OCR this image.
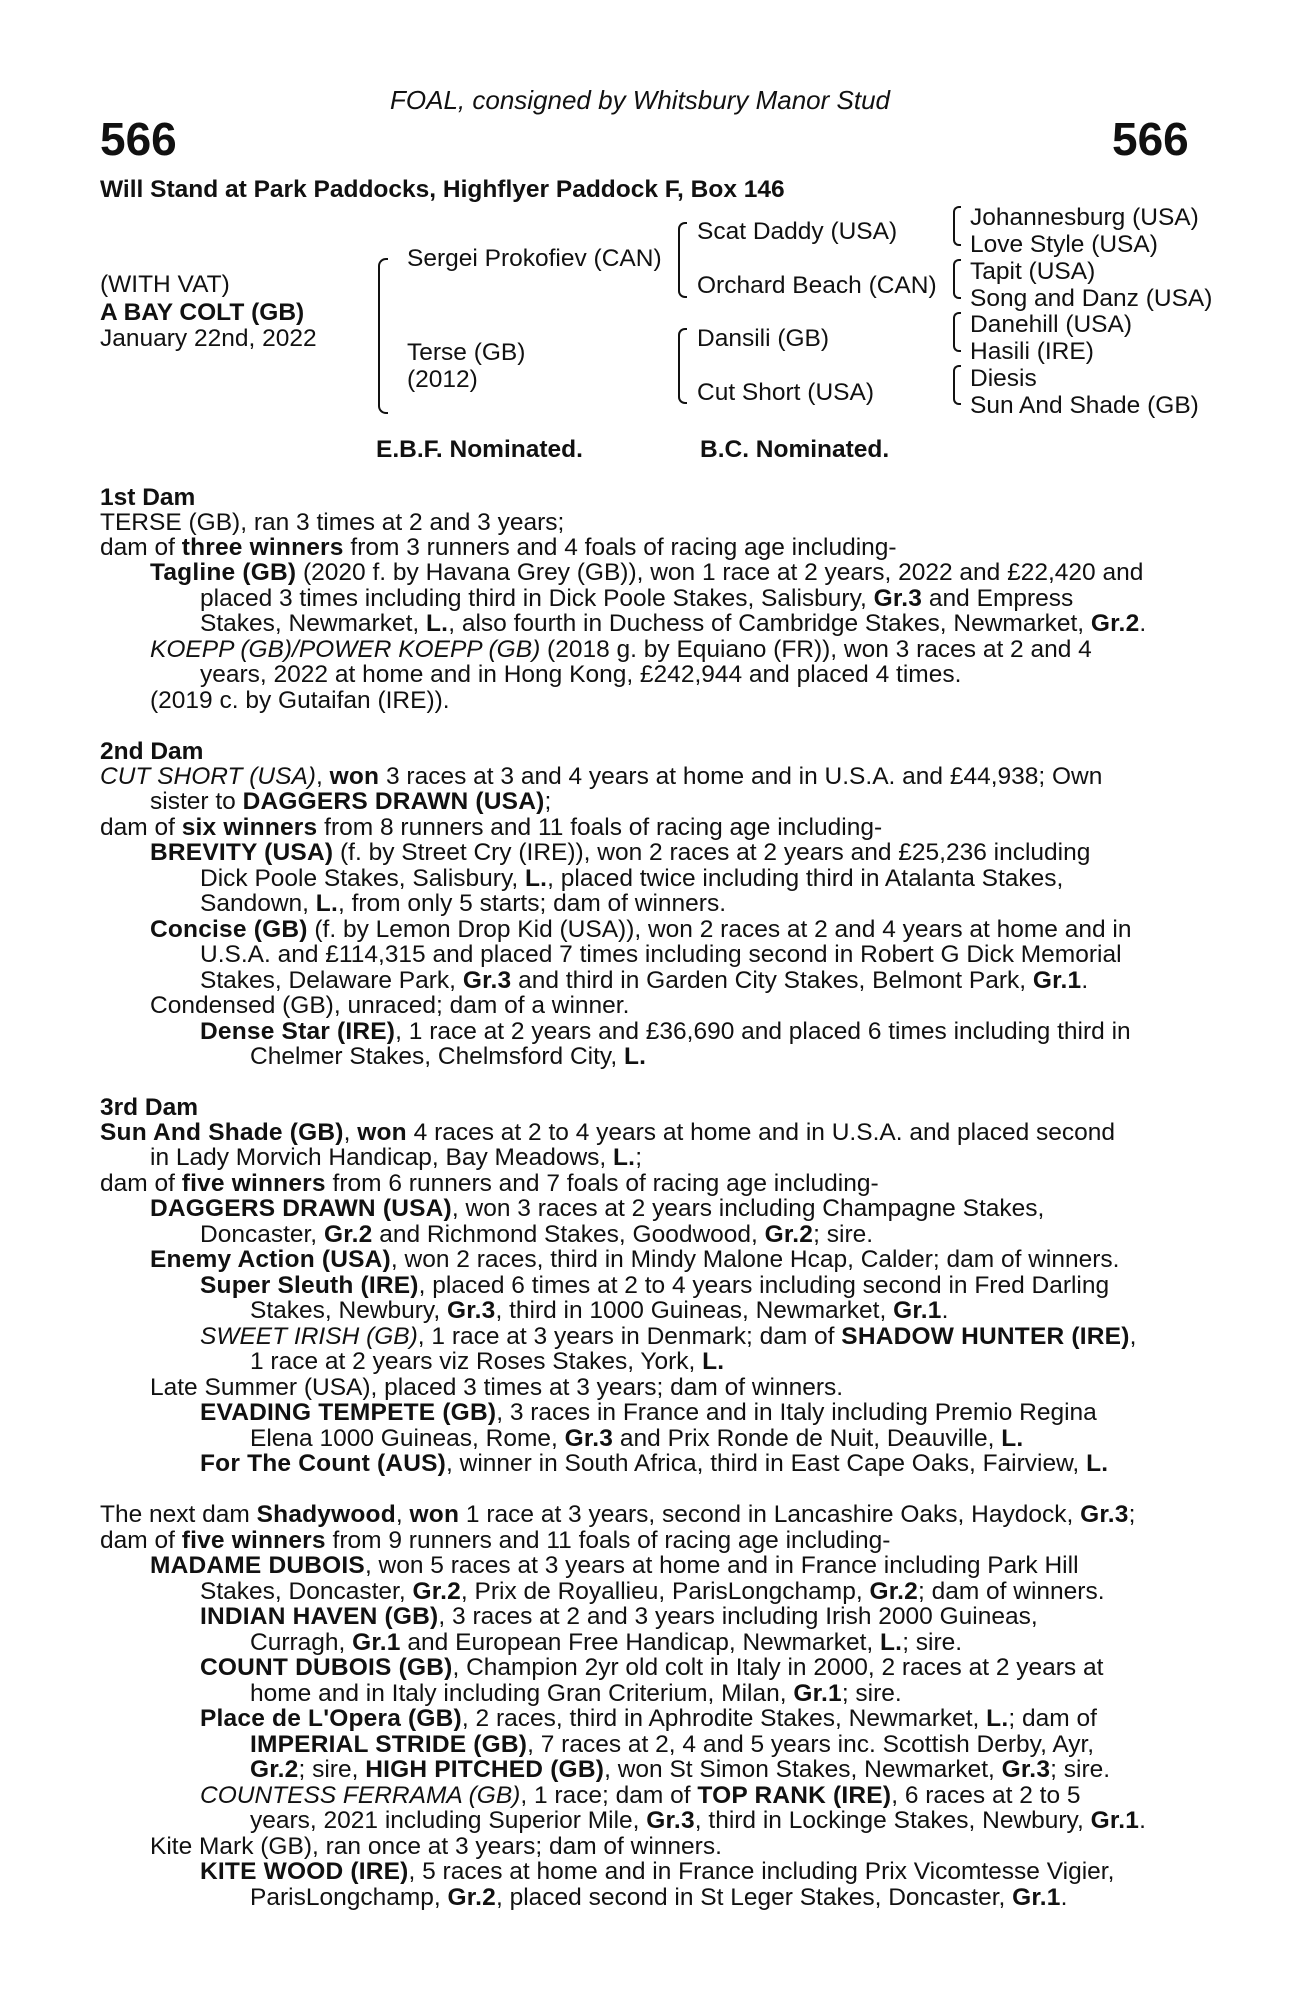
FOAL, consigned by Whitsbury Manor Stud
566	566
Will Stand at Park Paddocks, Highflyer Paddock F, Box 146
(WITH VAT)
A BAY COLT (GB)
January 22nd, 2022
Sergei Prokofiev (CAN)
Terse (GB)
(2012)
Scat Daddy (USA)
Orchard Beach (CAN)
Dansili (GB)
Cut Short (USA)
Johannesburg (USA)
Love Style (USA)
Tapit (USA)
Song and Danz (USA)
Danehill (USA)
Hasili (IRE)
Diesis
Sun And Shade (GB)
E.B.F. Nominated.	B.C. Nominated.
1st Dam
TERSE (GB), ran 3 times at 2 and 3 years;
dam of three winners from 3 runners and 4 foals of racing age including-
Tagline (GB) (2020 f. by Havana Grey (GB)), won 1 race at 2 years, 2022 and £22,420 and
placed 3 times including third in Dick Poole Stakes, Salisbury, Gr.3 and Empress
Stakes, Newmarket, L., also fourth in Duchess of Cambridge Stakes, Newmarket, Gr.2.
KOEPP (GB)/POWER KOEPP (GB) (2018 g. by Equiano (FR)), won 3 races at 2 and 4
years, 2022 at home and in Hong Kong, £242,944 and placed 4 times.
(2019 c. by Gutaifan (IRE)).
2nd Dam
CUT SHORT (USA), won 3 races at 3 and 4 years at home and in U.S.A. and £44,938; Own
sister to DAGGERS DRAWN (USA);
dam of six winners from 8 runners and 11 foals of racing age including-
BREVITY (USA) (f. by Street Cry (IRE)), won 2 races at 2 years and £25,236 including
Dick Poole Stakes, Salisbury, L., placed twice including third in Atalanta Stakes,
Sandown, L., from only 5 starts; dam of winners.
Concise (GB) (f. by Lemon Drop Kid (USA)), won 2 races at 2 and 4 years at home and in
U.S.A. and £114,315 and placed 7 times including second in Robert G Dick Memorial
Stakes, Delaware Park, Gr.3 and third in Garden City Stakes, Belmont Park, Gr.1.
Condensed (GB), unraced; dam of a winner.
Dense Star (IRE), 1 race at 2 years and £36,690 and placed 6 times including third in
Chelmer Stakes, Chelmsford City, L.
3rd Dam
Sun And Shade (GB), won 4 races at 2 to 4 years at home and in U.S.A. and placed second
in Lady Morvich Handicap, Bay Meadows, L.;
dam of five winners from 6 runners and 7 foals of racing age including-
DAGGERS DRAWN (USA), won 3 races at 2 years including Champagne Stakes,
Doncaster, Gr.2 and Richmond Stakes, Goodwood, Gr.2; sire.
Enemy Action (USA), won 2 races, third in Mindy Malone Hcap, Calder; dam of winners.
Super Sleuth (IRE), placed 6 times at 2 to 4 years including second in Fred Darling
Stakes, Newbury, Gr.3, third in 1000 Guineas, Newmarket, Gr.1.
SWEET IRISH (GB), 1 race at 3 years in Denmark; dam of SHADOW HUNTER (IRE),
1 race at 2 years viz Roses Stakes, York, L.
Late Summer (USA), placed 3 times at 3 years; dam of winners.
EVADING TEMPETE (GB), 3 races in France and in Italy including Premio Regina
Elena 1000 Guineas, Rome, Gr.3 and Prix Ronde de Nuit, Deauville, L.
For The Count (AUS), winner in South Africa, third in East Cape Oaks, Fairview, L.
The next dam Shadywood, won 1 race at 3 years, second in Lancashire Oaks, Haydock, Gr.3;
dam of five winners from 9 runners and 11 foals of racing age including-
MADAME DUBOIS, won 5 races at 3 years at home and in France including Park Hill
Stakes, Doncaster, Gr.2, Prix de Royallieu, ParisLongchamp, Gr.2; dam of winners.
INDIAN HAVEN (GB), 3 races at 2 and 3 years including Irish 2000 Guineas,
Curragh, Gr.1 and European Free Handicap, Newmarket, L.; sire.
COUNT DUBOIS (GB), Champion 2yr old colt in Italy in 2000, 2 races at 2 years at
home and in Italy including Gran Criterium, Milan, Gr.1; sire.
Place de L'Opera (GB), 2 races, third in Aphrodite Stakes, Newmarket, L.; dam of
IMPERIAL STRIDE (GB), 7 races at 2, 4 and 5 years inc. Scottish Derby, Ayr,
Gr.2; sire, HIGH PITCHED (GB), won St Simon Stakes, Newmarket, Gr.3; sire.
COUNTESS FERRAMA (GB), 1 race; dam of TOP RANK (IRE), 6 races at 2 to 5
years, 2021 including Superior Mile, Gr.3, third in Lockinge Stakes, Newbury, Gr.1.
Kite Mark (GB), ran once at 3 years; dam of winners.
KITE WOOD (IRE), 5 races at home and in France including Prix Vicomtesse Vigier,
ParisLongchamp, Gr.2, placed second in St Leger Stakes, Doncaster, Gr.1.
